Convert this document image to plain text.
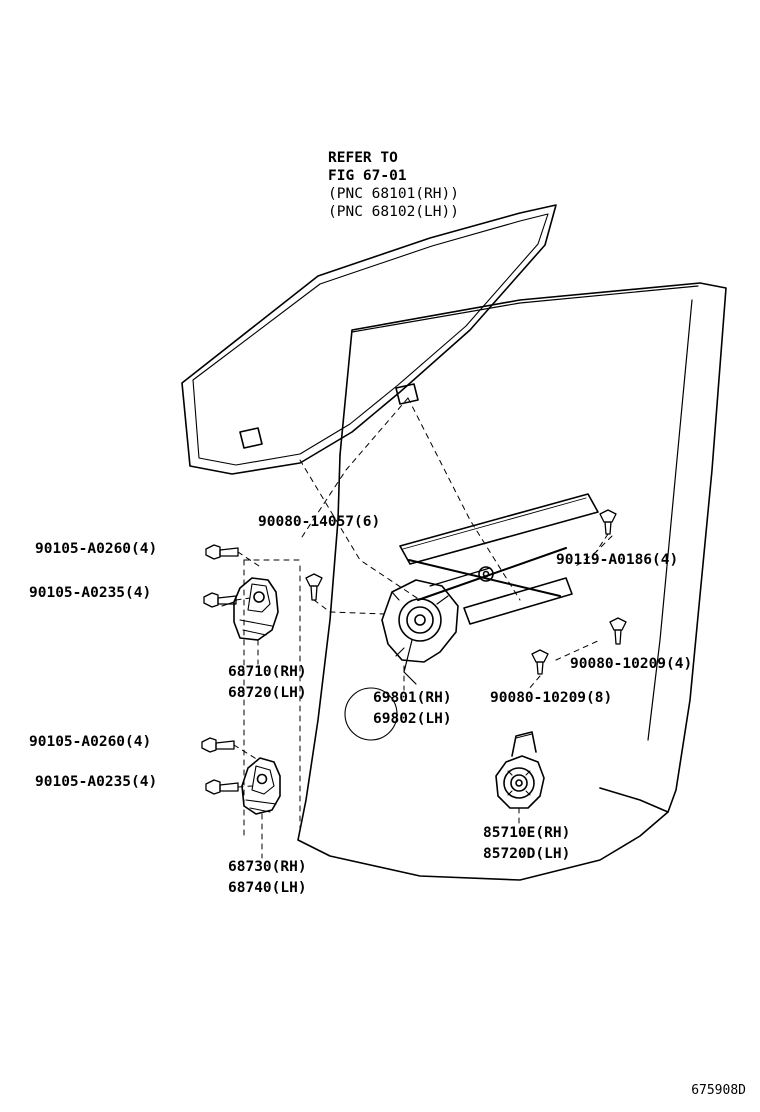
REFER TO
FIG 67-01
(PNC 68101(RH))
(PNC 68102(LH))
90080-14057(6)
90105-A0260(4)
90105-A0235(4)
90119-A0186(4)
90080-10209(4)
90080-10209(8)
68710(RH)
68720(LH)	69801(RH)
69802(LH)
90105-A0260(4)
90105-A0235(4)
85710E(RH)
85720D(LH)
68730(RH)
68740(LH)
675908D
